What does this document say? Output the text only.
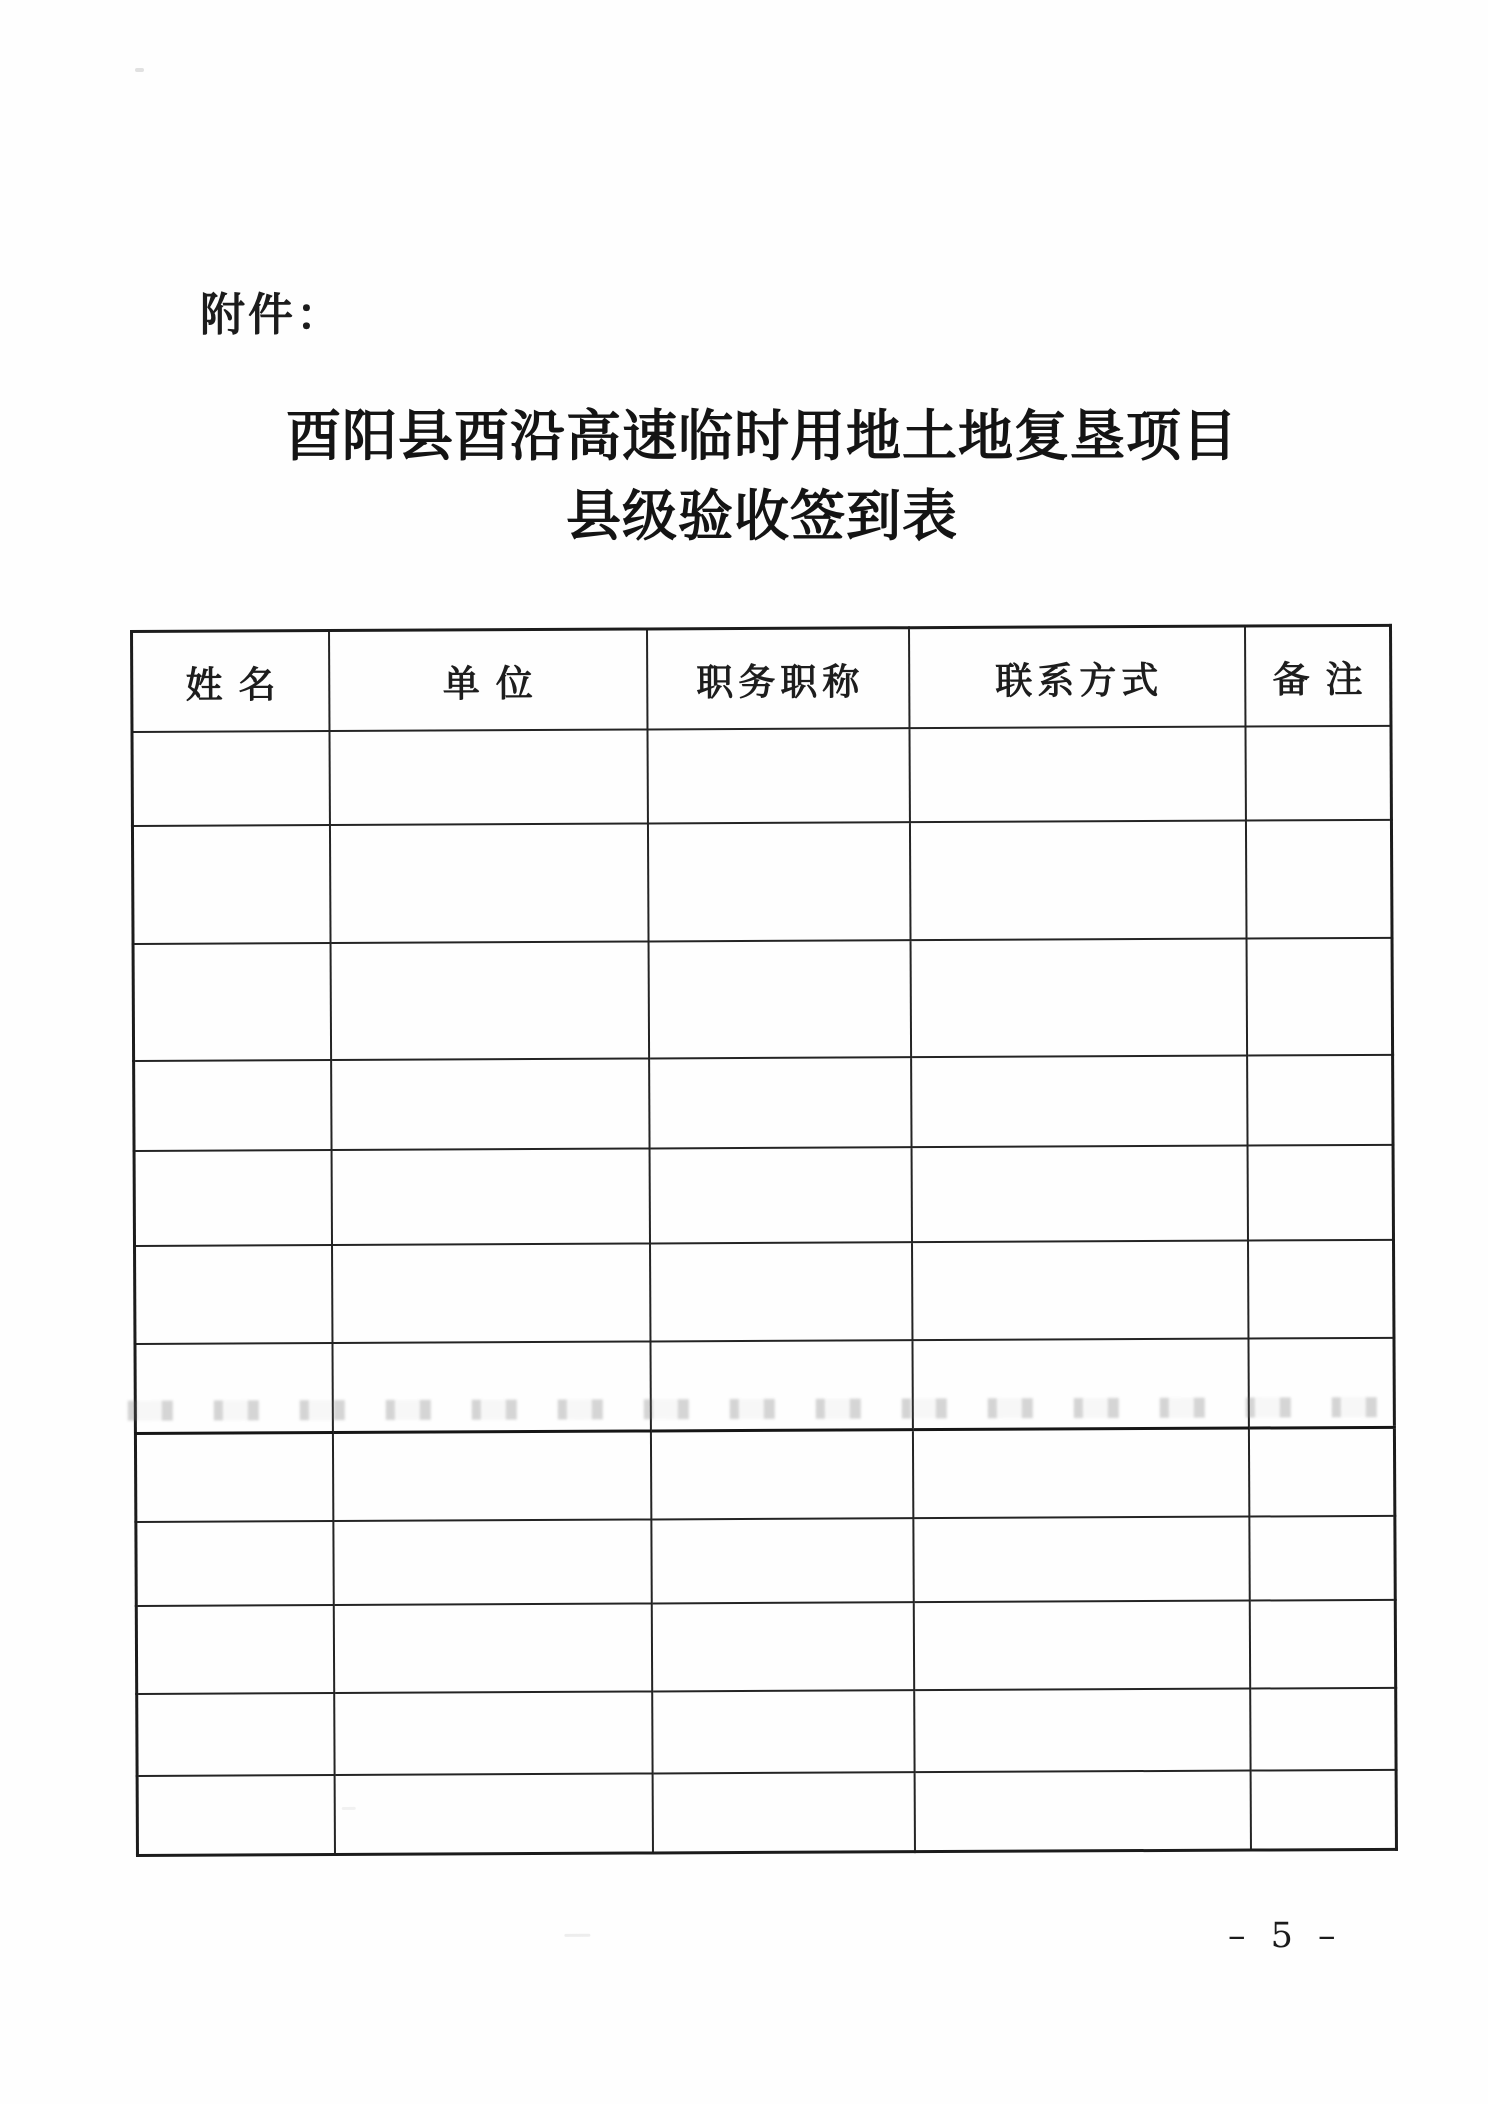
附件：
酉阳县酉沿高速临时用地土地复垦项目
县级验收签到表
姓名	单位	职务职称	联系方式	备注

– 5 –
